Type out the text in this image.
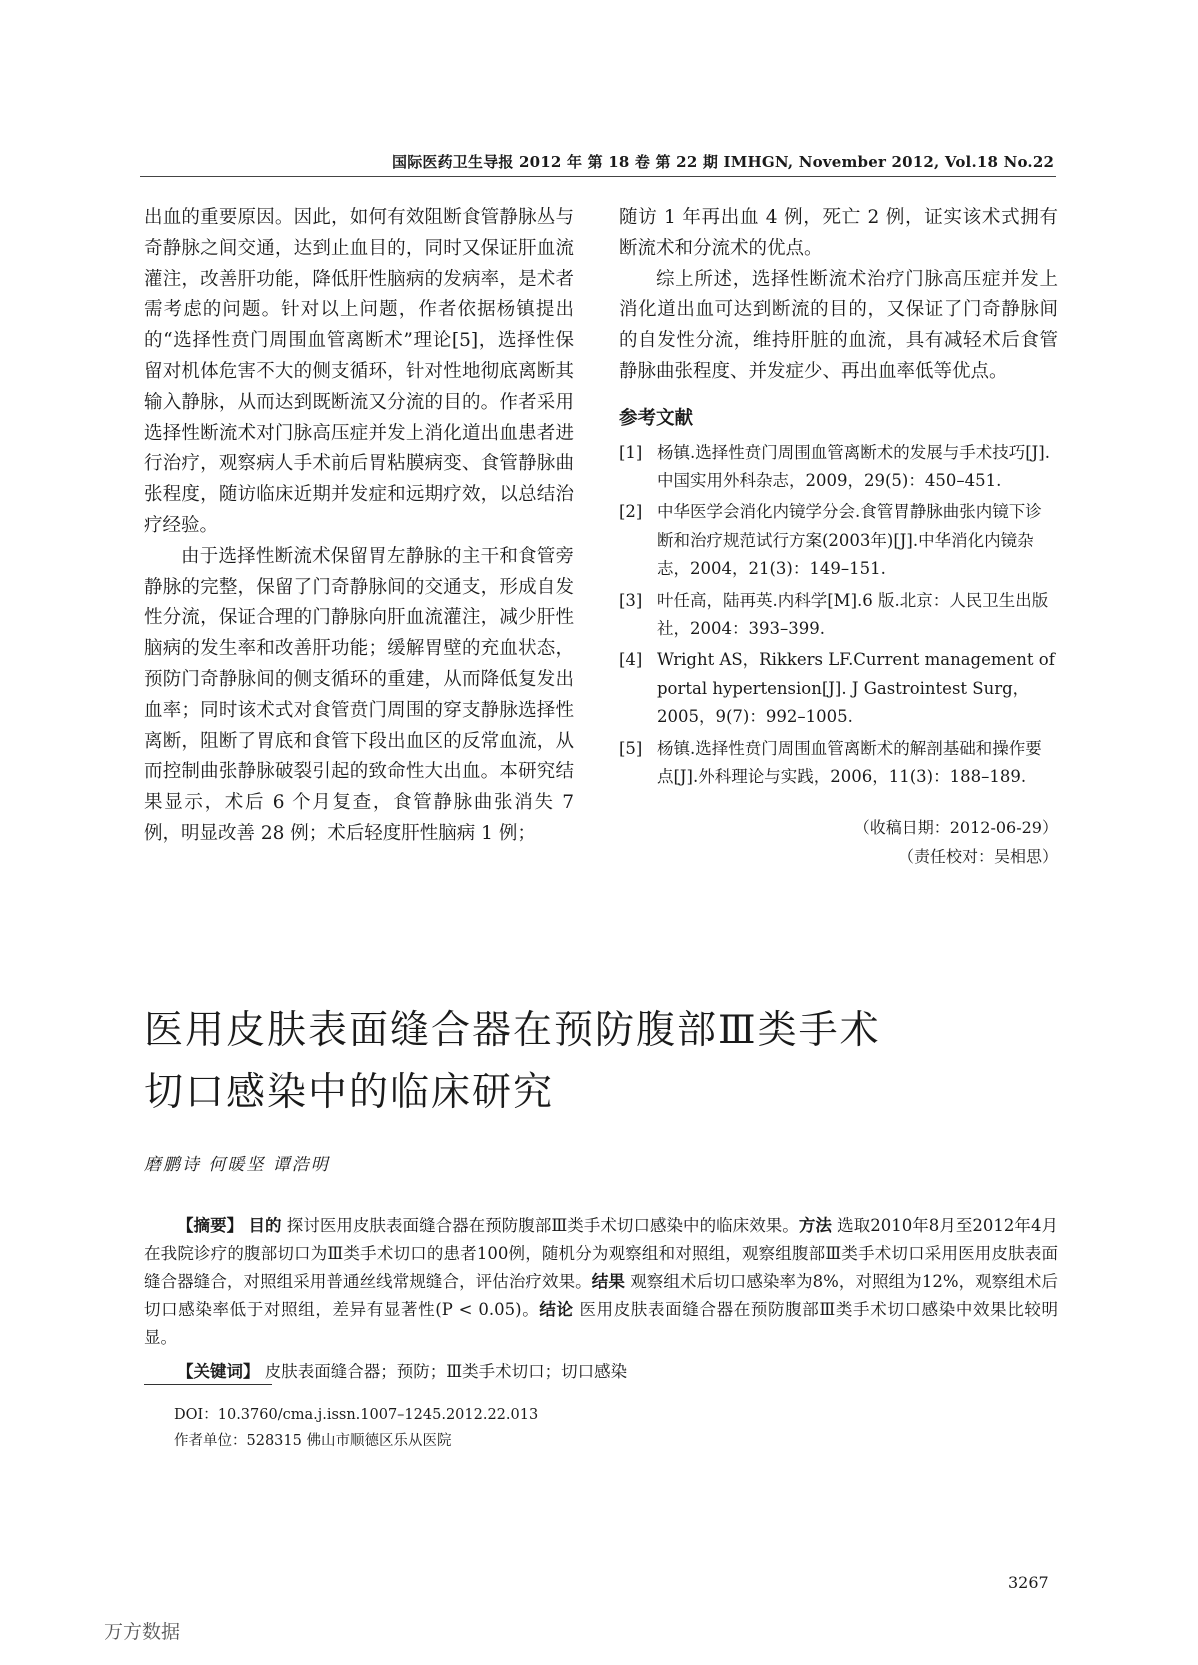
国际医药卫生导报 2012 年 第 18 卷 第 22 期 IMHGN, November 2012, Vol.18 No.22

出血的重要原因。因此，如何有效阻断食管静脉丛与奇静脉之间交通，达到止血目的，同时又保证肝血流灌注，改善肝功能，降低肝性脑病的发病率，是术者需考虑的问题。针对以上问题，作者依据杨镇提出的“选择性贲门周围血管离断术”理论[5]，选择性保留对机体危害不大的侧支循环，针对性地彻底离断其输入静脉，从而达到既断流又分流的目的。作者采用选择性断流术对门脉高压症并发上消化道出血患者进行治疗，观察病人手术前后胃粘膜病变、食管静脉曲张程度，随访临床近期并发症和远期疗效，以总结治疗经验。

由于选择性断流术保留胃左静脉的主干和食管旁静脉的完整，保留了门奇静脉间的交通支，形成自发性分流，保证合理的门静脉向肝血流灌注，减少肝性脑病的发生率和改善肝功能；缓解胃壁的充血状态，预防门奇静脉间的侧支循环的重建，从而降低复发出血率；同时该术式对食管贲门周围的穿支静脉选择性离断，阻断了胃底和食管下段出血区的反常血流，从而控制曲张静脉破裂引起的致命性大出血。本研究结果显示，术后 6 个月复查，食管静脉曲张消失 7 例，明显改善 28 例；术后轻度肝性脑病 1 例；

随访 1 年再出血 4 例，死亡 2 例，证实该术式拥有断流术和分流术的优点。

综上所述，选择性断流术治疗门脉高压症并发上消化道出血可达到断流的目的，又保证了门奇静脉间的自发性分流，维持肝脏的血流，具有减轻术后食管静脉曲张程度、并发症少、再出血率低等优点。

参考文献

[1] 杨镇.选择性贲门周围血管离断术的发展与手术技巧[J].中国实用外科杂志，2009，29(5)：450–451.
[2] 中华医学会消化内镜学分会.食管胃静脉曲张内镜下诊断和治疗规范试行方案(2003年)[J].中华消化内镜杂志，2004，21(3)：149–151.
[3] 叶任高，陆再英.内科学[M].6 版.北京：人民卫生出版社，2004：393–399.
[4] Wright AS，Rikkers LF.Current management of portal hypertension[J]. J Gastrointest Surg，2005，9(7)：992–1005.
[5] 杨镇.选择性贲门周围血管离断术的解剖基础和操作要点[J].外科理论与实践，2006，11(3)：188–189.
（收稿日期：2012-06-29）
（责任校对：吴相思）
医用皮肤表面缝合器在预防腹部Ⅲ类手术
切口感染中的临床研究
磨鹏诗 何暖坚 谭浩明

【摘要】 目的 探讨医用皮肤表面缝合器在预防腹部Ⅲ类手术切口感染中的临床效果。方法 选取2010年8月至2012年4月在我院诊疗的腹部切口为Ⅲ类手术切口的患者100例，随机分为观察组和对照组，观察组腹部Ⅲ类手术切口采用医用皮肤表面缝合器缝合，对照组采用普通丝线常规缝合，评估治疗效果。结果 观察组术后切口感染率为8%，对照组为12%，观察组术后切口感染率低于对照组，差异有显著性(P < 0.05)。结论 医用皮肤表面缝合器在预防腹部Ⅲ类手术切口感染中效果比较明显。

【关键词】 皮肤表面缝合器；预防；Ⅲ类手术切口；切口感染

DOI：10.3760/cma.j.issn.1007–1245.2012.22.013
作者单位：528315 佛山市顺德区乐从医院
3267
万方数据
